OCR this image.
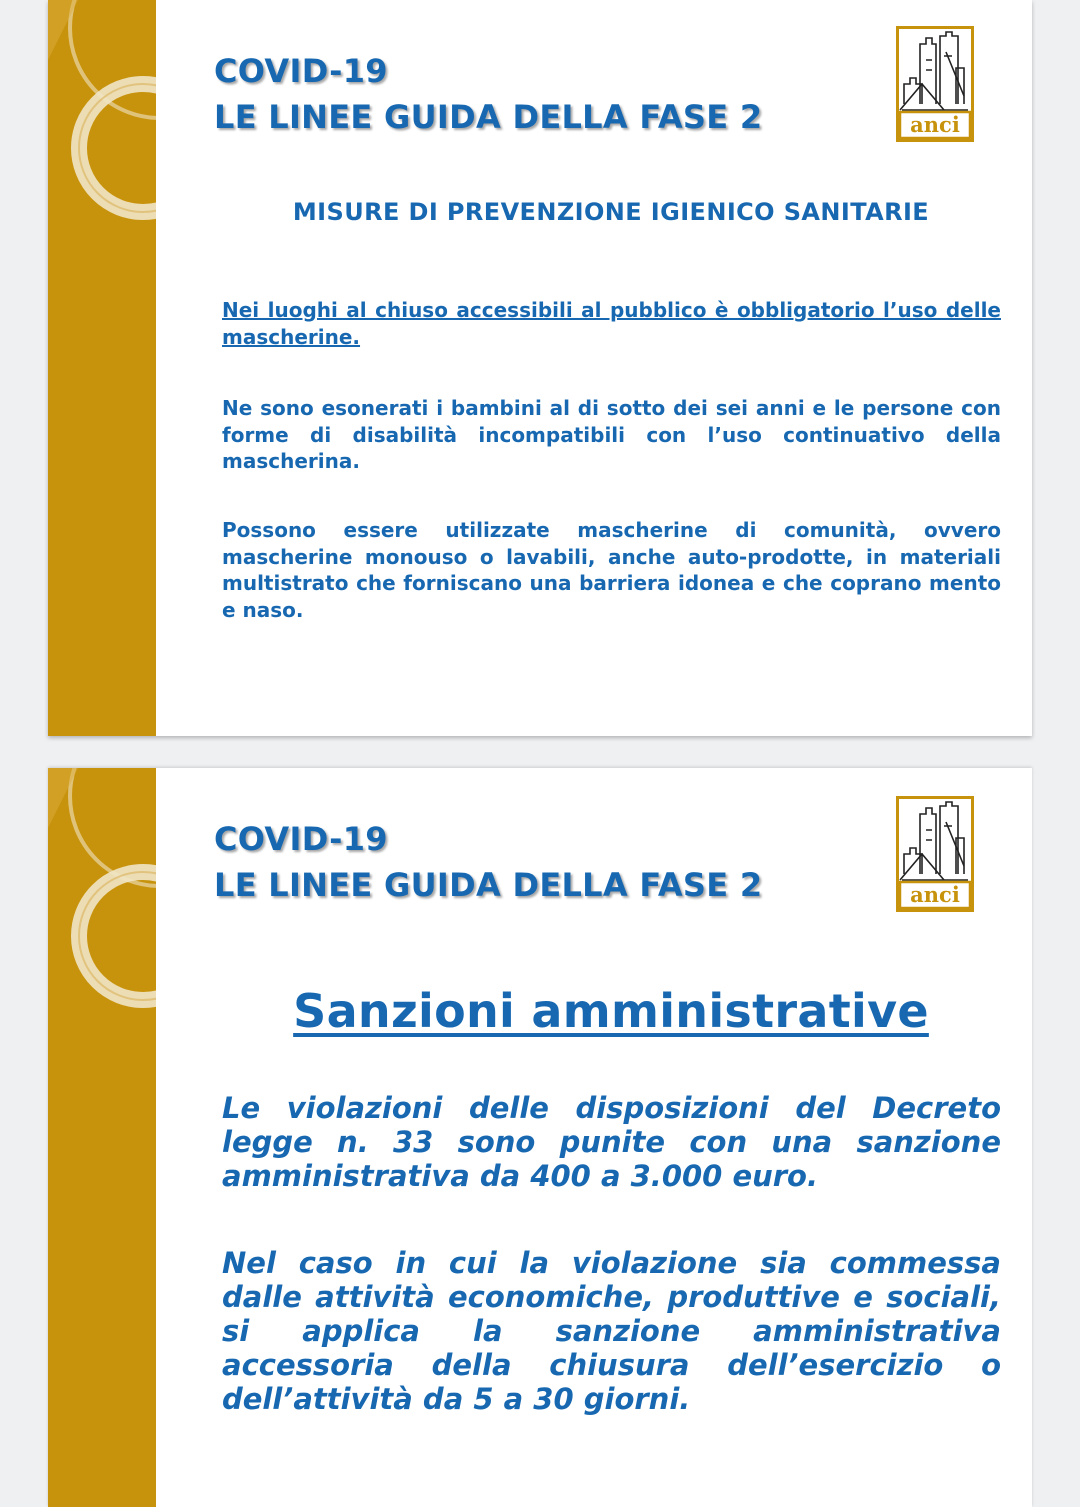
COVID-19
LE LINEE GUIDA DELLA FASE 2	anci
MISURE DI PREVENZIONE IGIENICO SANITARIE

Nei luoghi al chiuso accessibili al pubblico è obbligatorio l’uso delle mascherine.

Ne sono esonerati i bambini al di sotto dei sei anni e le persone con forme di disabilità incompatibili con l’uso continuativo della mascherina.

Possono essere utilizzate mascherine di comunità, ovvero mascherine monouso o lavabili, anche auto-prodotte, in materiali multistrato che forniscano una barriera idonea e che coprano mento e naso.

COVID-19
LE LINEE GUIDA DELLA FASE 2	anci
Sanzioni amministrative

Le violazioni delle disposizioni del Decreto legge n. 33 sono punite con una sanzione amministrativa da 400 a 3.000 euro.

Nel caso in cui la violazione sia commessa dalle attività economiche, produttive e sociali, si applica la sanzione amministrativa accessoria della chiusura dell’esercizio o dell’attività da 5 a 30 giorni.
